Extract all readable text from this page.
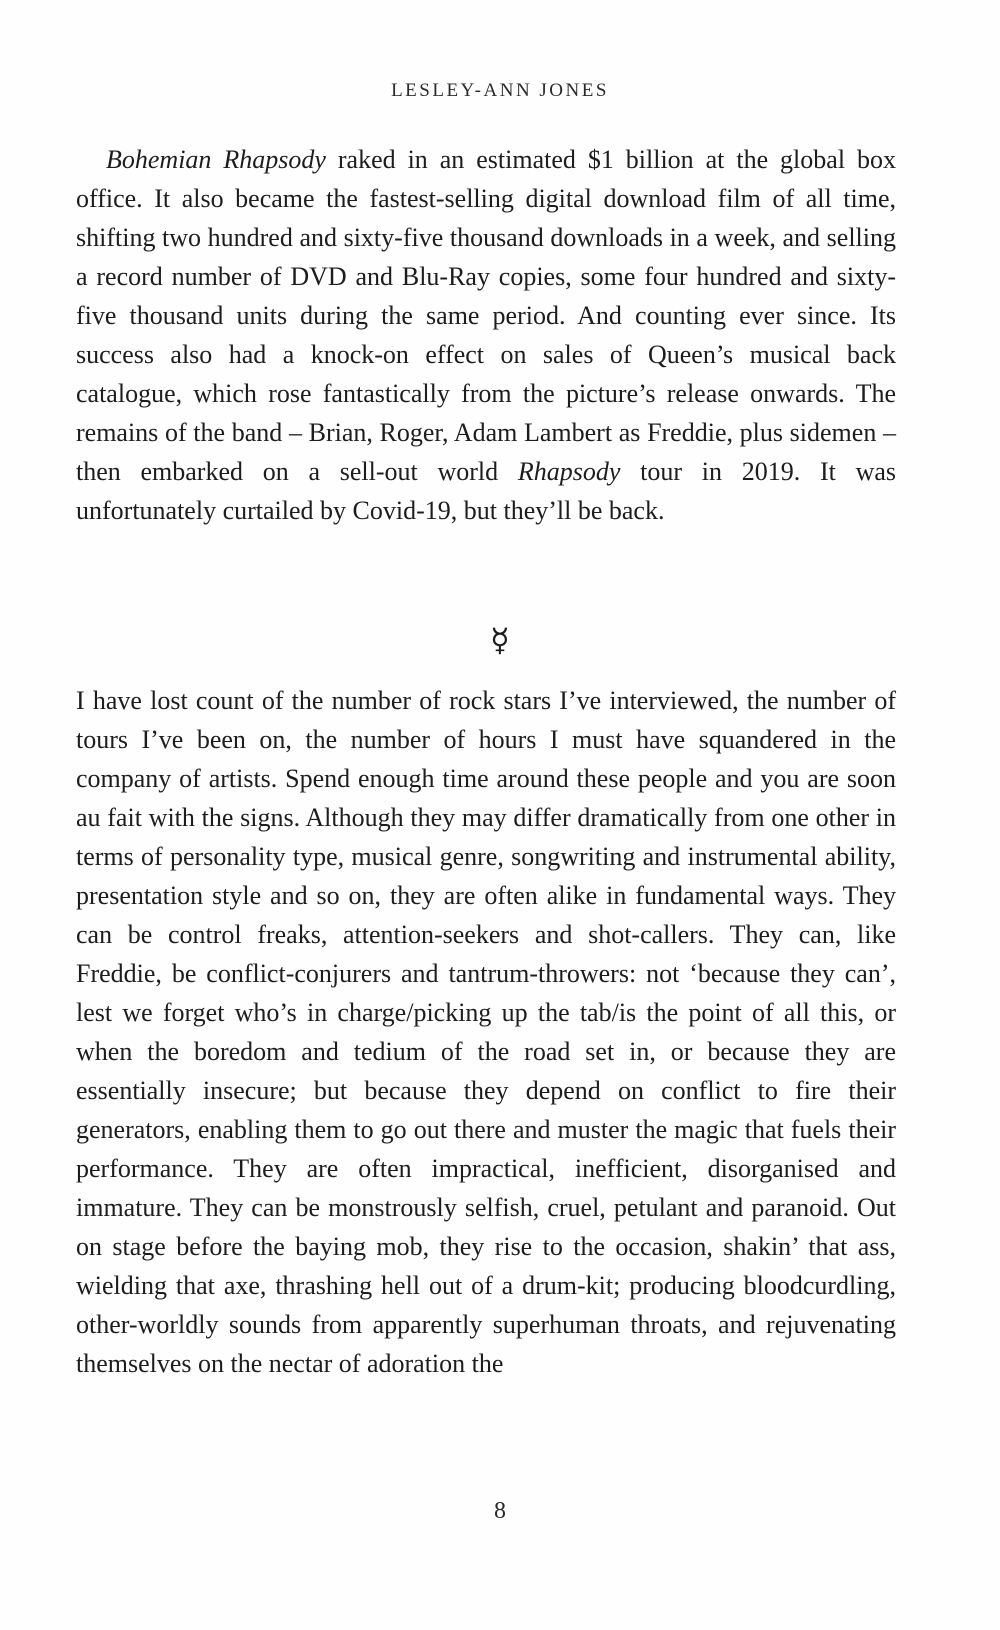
LESLEY-ANN JONES

Bohemian Rhapsody raked in an estimated $1 billion at the global box office. It also became the fastest-selling digital download film of all time, shifting two hundred and sixty-five thousand downloads in a week, and selling a record number of DVD and Blu-Ray copies, some four hundred and sixty-five thousand units during the same period. And counting ever since. Its success also had a knock-on effect on sales of Queen’s musical back catalogue, which rose fantastically from the picture’s release onwards. The remains of the band – Brian, Roger, Adam Lambert as Freddie, plus sidemen – then embarked on a sell-out world Rhapsody tour in 2019. It was unfortunately curtailed by Covid-19, but they’ll be back.

☿

I have lost count of the number of rock stars I’ve interviewed, the number of tours I’ve been on, the number of hours I must have squandered in the company of artists. Spend enough time around these people and you are soon au fait with the signs. Although they may differ dramatically from one other in terms of personality type, musical genre, songwriting and instrumental ability, presentation style and so on, they are often alike in fundamental ways. They can be control freaks, attention-seekers and shot-callers. They can, like Freddie, be conflict-conjurers and tantrum-throwers: not ‘because they can’, lest we forget who’s in charge/picking up the tab/is the point of all this, or when the boredom and tedium of the road set in, or because they are essentially insecure; but because they depend on conflict to fire their generators, enabling them to go out there and muster the magic that fuels their performance. They are often impractical, inefficient, disorganised and immature. They can be monstrously selfish, cruel, petulant and paranoid. Out on stage before the baying mob, they rise to the occasion, shakin’ that ass, wielding that axe, thrashing hell out of a drum-kit; producing bloodcurdling, other-worldly sounds from apparently superhuman throats, and rejuvenating themselves on the nectar of adoration the

8
